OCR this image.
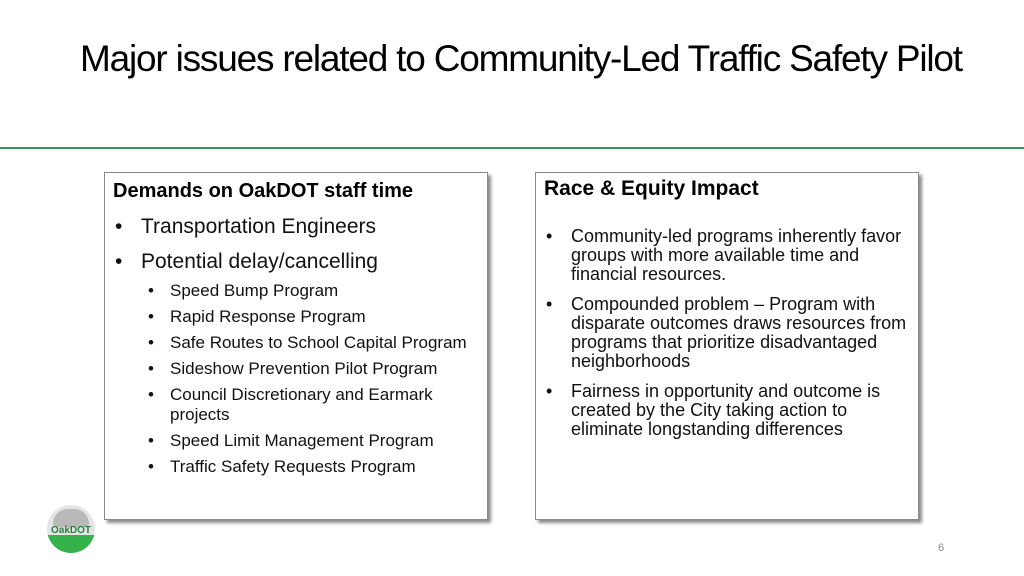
Major issues related to Community-Led Traffic Safety Pilot
Demands on OakDOT staff time
• Transportation Engineers
• Potential delay/cancelling
• Speed Bump Program
• Rapid Response Program
• Safe Routes to School Capital Program
• Sideshow Prevention Pilot Program
• Council Discretionary and Earmark projects
• Speed Limit Management Program
• Traffic Safety Requests Program
Race & Equity Impact
• Community-led programs inherently favor groups with more available time and financial resources.
• Compounded problem – Program with disparate outcomes draws resources from programs that prioritize disadvantaged neighborhoods
• Fairness in opportunity and outcome is created by the City taking action to eliminate longstanding differences
OakDOT
6
